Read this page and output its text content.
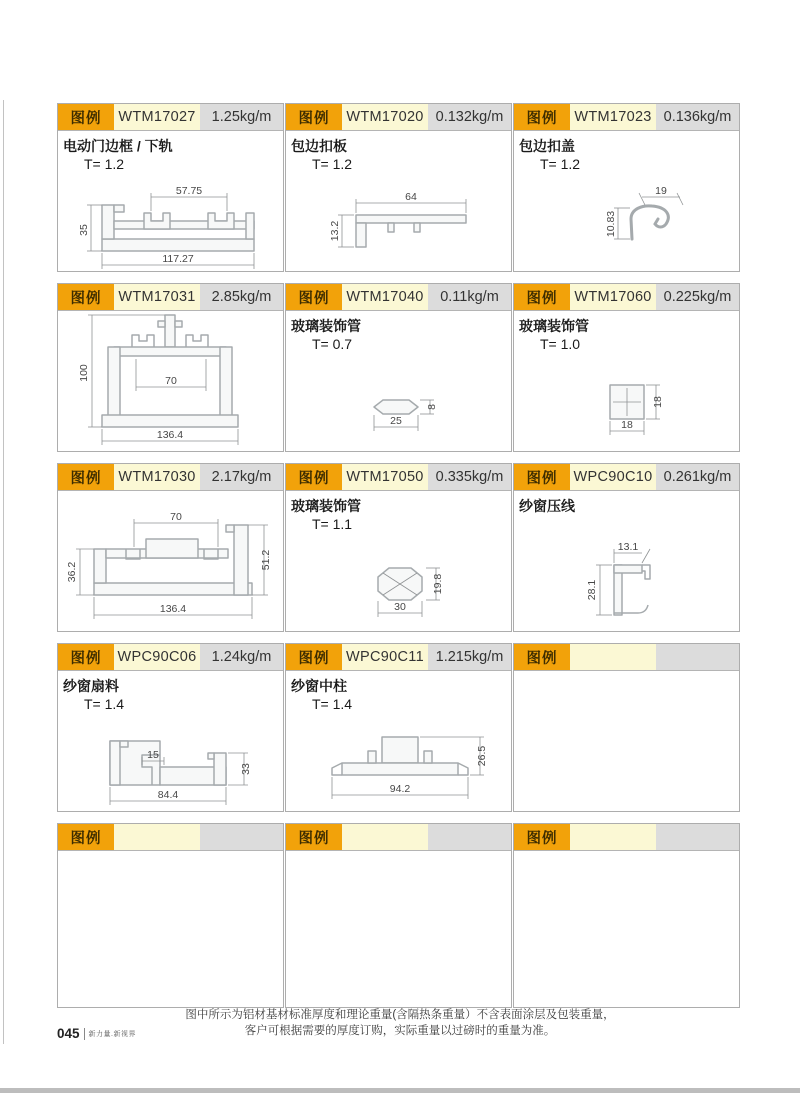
图例	WTM17027	1.25kg/m
电动门边框 / 下轨
T= 1.2
57.75
35
117.27
图例	WTM17020 0.132kg/m
包边扣板
T= 1.2
64
13.2
图例	WTM17023 0.136kg/m
包边扣盖
T= 1.2
19
10.83
图例	WTM17031	2.85kg/m
100	70
136.4
图例	WTM17040	0.11kg/m
玻璃装饰管
T= 0.7
25
8
图例	WTM17060 0.225kg/m
玻璃装饰管
T= 1.0
18
18
图例	WTM17030	2.17kg/m
70
36.2
51.2
136.4
图例	WTM17050 0.335kg/m
玻璃装饰管
T= 1.1
30
19.8
图例	WPC90C10 0.261kg/m
纱窗压线
13.1
28.1
图例	WPC90C06	1.24kg/m
纱窗扇料
T= 1.4
15
33
84.4
图例	WPC90C11 1.215kg/m
纱窗中柱
T= 1.4
94.2
26.5
图例
图例	图例	图例
图中所示为铝材基材标准厚度和理论重量(含隔热条重量）不含表面涂层及包装重量，
客户可根据需要的厚度订购，实际重量以过磅时的重量为准。
045 新力量.新视界
